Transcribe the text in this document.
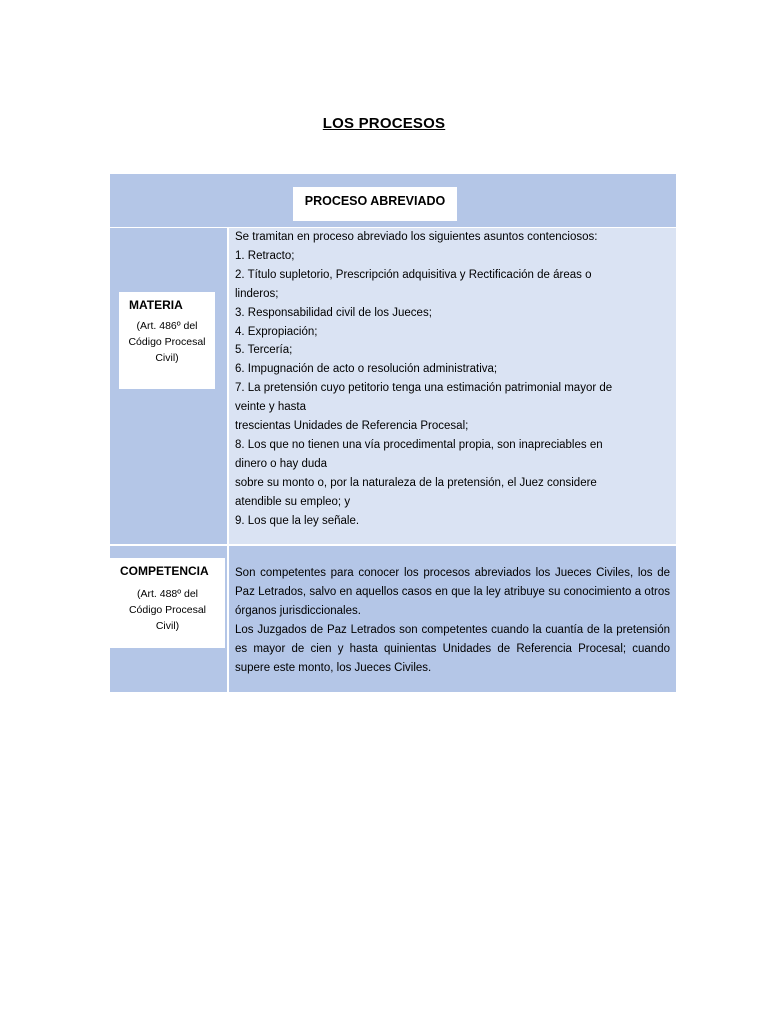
LOS PROCESOS
PROCESO ABREVIADO
MATERIA
(Art. 486º del Código Procesal Civil)
Se tramitan en proceso abreviado los siguientes asuntos contenciosos:
1. Retracto;
2. Título supletorio, Prescripción adquisitiva y Rectificación de áreas o
linderos;
3. Responsabilidad civil de los Jueces;
4. Expropiación;
5. Tercería;
6. Impugnación de acto o resolución administrativa;
7. La pretensión cuyo petitorio tenga una estimación patrimonial mayor de
veinte y hasta
trescientas Unidades de Referencia Procesal;
8. Los que no tienen una vía procedimental propia, son inapreciables en
dinero o hay duda
sobre su monto o, por la naturaleza de la pretensión, el Juez considere
atendible su empleo; y
9. Los que la ley señale.
COMPETENCIA
(Art. 488º del Código Procesal Civil)

Son competentes para conocer los procesos abreviados los Jueces Civiles, los de Paz Letrados, salvo en aquellos casos en que la ley atribuye su conocimiento a otros órganos jurisdiccionales.

Los Juzgados de Paz Letrados son competentes cuando la cuantía de la pretensión es mayor de cien y hasta quinientas Unidades de Referencia Procesal; cuando supere este monto, los Jueces Civiles.
